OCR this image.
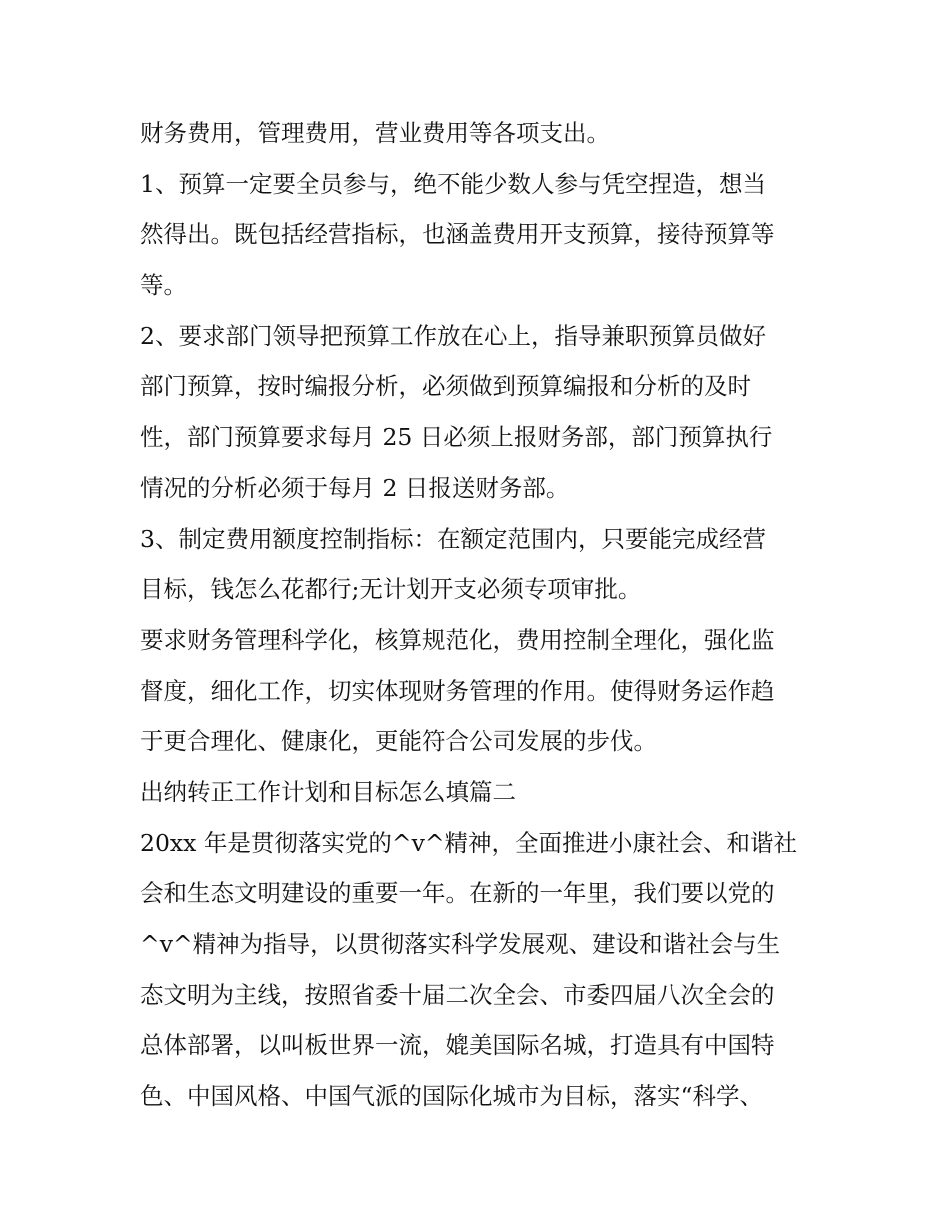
财务费用，管理费用，营业费用等各项支出。
1、预算一定要全员参与，绝不能少数人参与凭空捏造，想当
然得出。既包括经营指标，也涵盖费用开支预算，接待预算等
等。
2、要求部门领导把预算工作放在心上，指导兼职预算员做好
部门预算，按时编报分析，必须做到预算编报和分析的及时
性，部门预算要求每月 25 日必须上报财务部，部门预算执行
情况的分析必须于每月 2 日报送财务部。
3、制定费用额度控制指标：在额定范围内，只要能完成经营
目标，钱怎么花都行;无计划开支必须专项审批。
要求财务管理科学化，核算规范化，费用控制全理化，强化监
督度，细化工作，切实体现财务管理的作用。使得财务运作趋
于更合理化、健康化，更能符合公司发展的步伐。
出纳转正工作计划和目标怎么填篇二
20xx 年是贯彻落实党的^v^精神，全面推进小康社会、和谐社
会和生态文明建设的重要一年。在新的一年里，我们要以党的
^v^精神为指导，以贯彻落实科学发展观、建设和谐社会与生
态文明为主线，按照省委十届二次全会、市委四届八次全会的
总体部署，以叫板世界一流，媲美国际名城，打造具有中国特
色、中国风格、中国气派的国际化城市为目标，落实“科学、
